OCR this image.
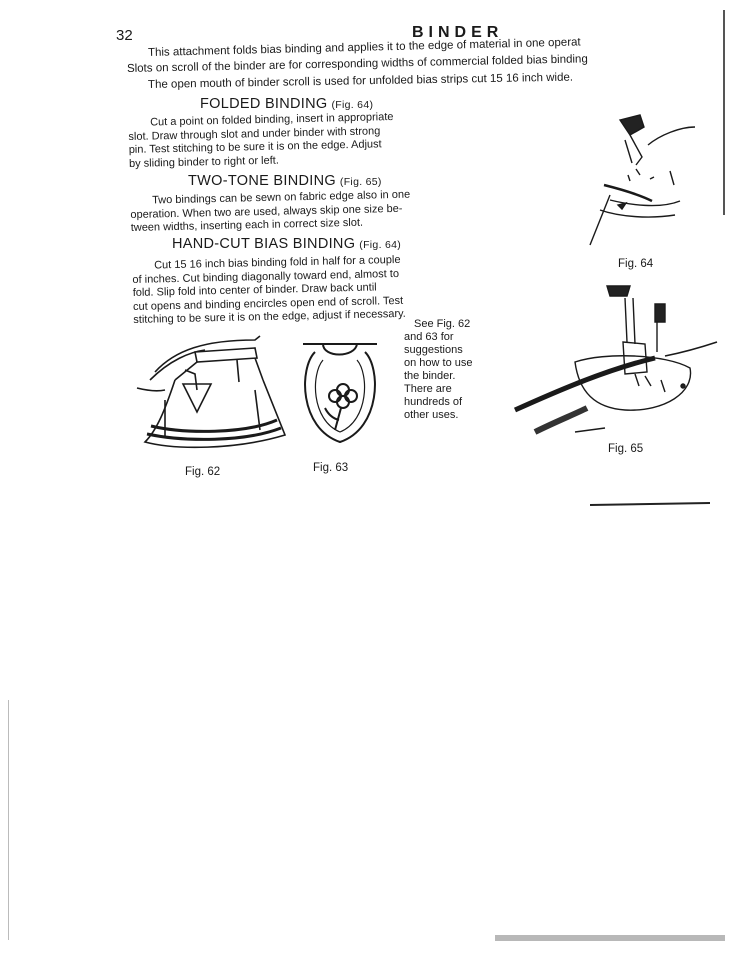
32	BINDER
This attachment folds bias binding and applies it to the edge of material in one operat
Slots on scroll of the binder are for corresponding widths of commercial folded bias binding
The open mouth of binder scroll is used for unfolded bias strips cut 15 16 inch wide.
FOLDED BINDING (Fig. 64)

Cut a point on folded binding, insert in appropriate

slot. Draw through slot and under binder with strong

pin. Test stitching to be sure it is on the edge. Adjust

by sliding binder to right or left.

TWO-TONE BINDING (Fig. 65)

Two bindings can be sewn on fabric edge also in one

operation. When two are used, always skip one size be-

tween widths, inserting each in correct size slot.

HAND-CUT BIAS BINDING (Fig. 64)

Cut 15 16 inch bias binding fold in half for a couple

of inches. Cut binding diagonally toward end, almost to

fold. Slip fold into center of binder. Draw back until

cut opens and binding encircles open end of scroll. Test

stitching to be sure it is on the edge, adjust if necessary. See Fig. 62

and 63 for

suggestions

on how to use

the binder.

There are

hundreds of

other uses.

Fig. 62	Fig. 63
Fig. 64
Fig. 65
